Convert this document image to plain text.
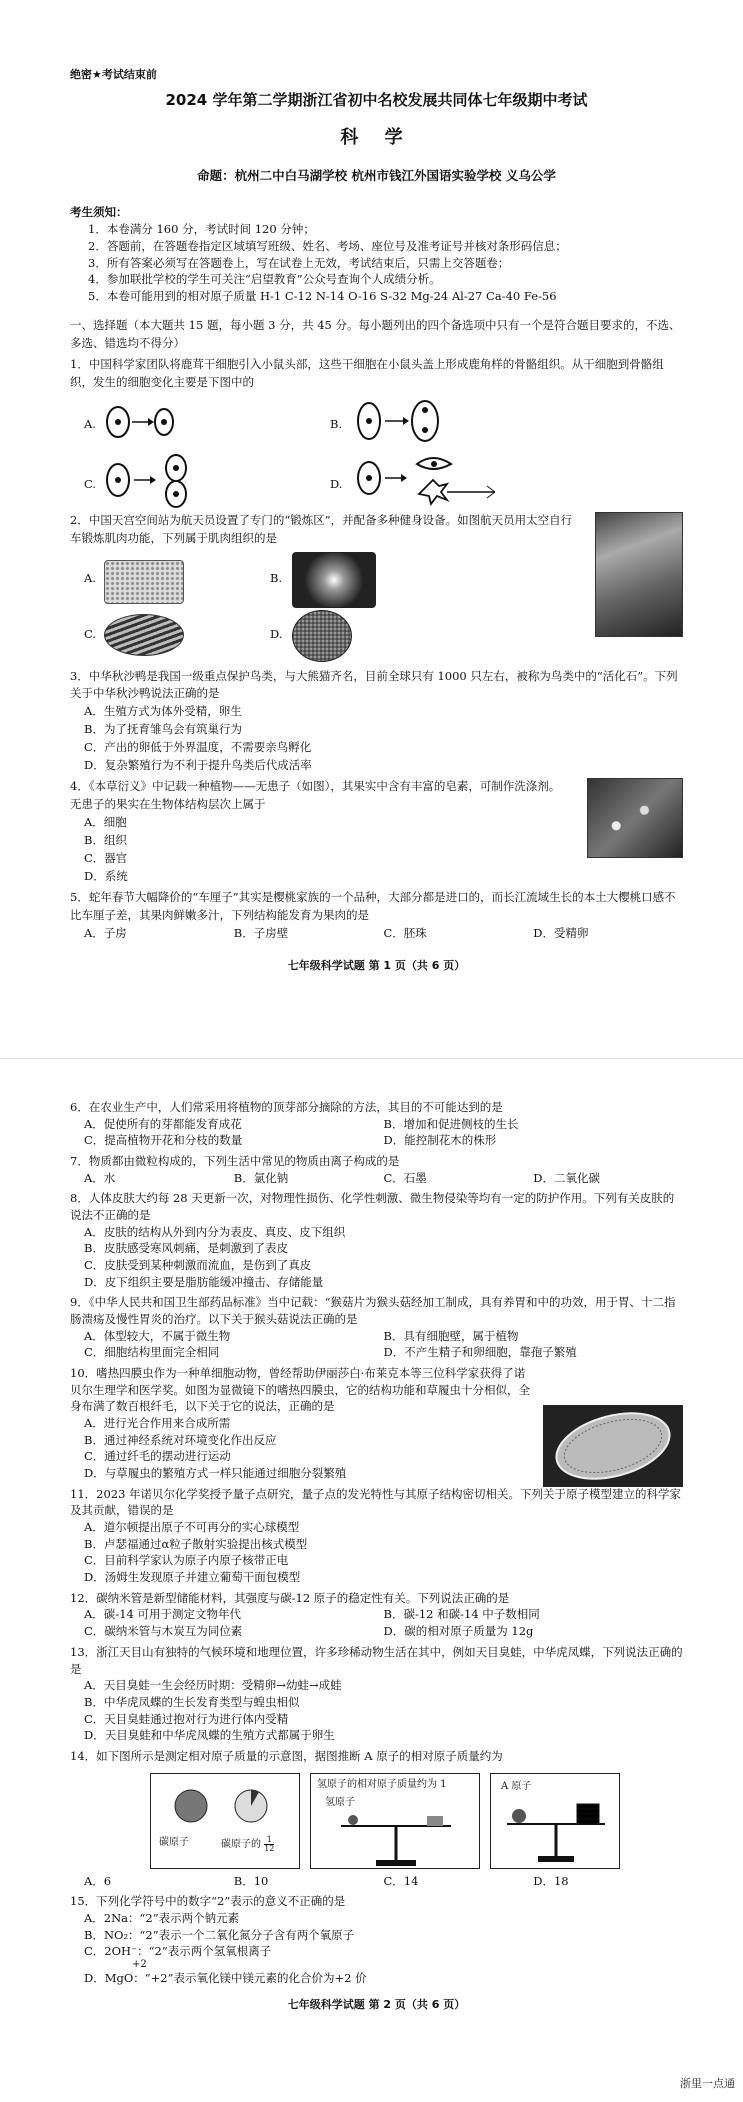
绝密★考试结束前
2024 学年第二学期浙江省初中名校发展共同体七年级期中考试
科 学
命题：杭州二中白马湖学校 杭州市钱江外国语实验学校 义乌公学
考生须知：
1．本卷满分 160 分，考试时间 120 分钟；
2．答题前，在答题卷指定区域填写班级、姓名、考场、座位号及准考证号并核对条形码信息；
3．所有答案必须写在答题卷上，写在试卷上无效，考试结束后，只需上交答题卷；
4．参加联批学校的学生可关注“启望教育”公众号查询个人成绩分析。
5．本卷可能用到的相对原子质量 H-1 C-12 N-14 O-16 S-32 Mg-24 Al-27 Ca-40 Fe-56
一、选择题（本大题共 15 题，每小题 3 分，共 45 分。每小题列出的四个备选项中只有一个是符合题目要求的，不选、多选、错选均不得分）
1．中国科学家团队将鹿茸干细胞引入小鼠头部，这些干细胞在小鼠头盖上形成鹿角样的骨骼组织。从干细胞到骨骼组织，发生的细胞变化主要是下图中的
A.	B.
C.	D.
2．中国天宫空间站为航天员设置了专门的“锻炼区”，并配备多种健身设备。如图航天员用太空自行车锻炼肌肉功能，下列属于肌肉组织的是
A.	B.
C.	D.
3．中华秋沙鸭是我国一级重点保护鸟类，与大熊猫齐名，目前全球只有 1000 只左右，被称为鸟类中的“活化石”。下列关于中华秋沙鸭说法正确的是
A．生殖方式为体外受精，卵生
B．为了抚育雏鸟会有筑巢行为
C．产出的卵低于外界温度，不需要亲鸟孵化
D．复杂繁殖行为不利于提升鸟类后代成活率
4．《本草衍义》中记载一种植物——无患子（如图），其果实中含有丰富的皂素，可制作洗涤剂。无患子的果实在生物体结构层次上属于
A．细胞
B．组织
C．器官
D．系统
5．蛇年春节大幅降价的“车厘子”其实是樱桃家族的一个品种，大部分都是进口的，而长江流域生长的本土大樱桃口感不比车厘子差，其果肉鲜嫩多汁，下列结构能发育为果肉的是
A．子房	B．子房壁	C．胚珠	D．受精卵
七年级科学试题 第 1 页（共 6 页）
6．在农业生产中，人们常采用将植物的顶芽部分摘除的方法，其目的不可能达到的是
A．促使所有的芽都能发育成花	B．增加和促进侧枝的生长
C．提高植物开花和分枝的数量	D．能控制花木的株形
7．物质都由微粒构成的，下列生活中常见的物质由离子构成的是
A．水	B．氯化钠	C．石墨	D．二氧化碳
8．人体皮肤大约每 28 天更新一次，对物理性损伤、化学性刺激、微生物侵染等均有一定的防护作用。下列有关皮肤的说法不正确的是
A．皮肤的结构从外到内分为表皮、真皮、皮下组织
B．皮肤感受寒风刺痛，是刺激到了表皮
C．皮肤受到某种刺激而流血，是伤到了真皮
D．皮下组织主要是脂肪能缓冲撞击、存储能量
9．《中华人民共和国卫生部药品标准》当中记载：“猴菇片为猴头菇经加工制成，具有养胃和中的功效，用于胃、十二指肠溃疡及慢性胃炎的治疗。以下关于猴头菇说法正确的是
A．体型较大，不属于微生物	B．具有细胞壁，属于植物
C．细胞结构里面完全相同	D．不产生精子和卵细胞，靠孢子繁殖
10．嗜热四膜虫作为一种单细胞动物，曾经帮助伊丽莎白·布莱克本等三位科学家获得了诺贝尔生理学和医学奖。如图为显微镜下的嗜热四膜虫，它的结构功能和草履虫十分相似，全身布满了数百根纤毛，以下关于它的说法，正确的是
A．进行光合作用来合成所需
B．通过神经系统对环境变化作出反应
C．通过纤毛的摆动进行运动
D．与草履虫的繁殖方式一样只能通过细胞分裂繁殖
11．2023 年诺贝尔化学奖授予量子点研究，量子点的发光特性与其原子结构密切相关。下列关于原子模型建立的科学家及其贡献，错误的是
A．道尔顿提出原子不可再分的实心球模型
B．卢瑟福通过α粒子散射实验提出核式模型
C．目前科学家认为原子内原子核带正电
D．汤姆生发现原子并建立葡萄干面包模型
12．碳纳米管是新型储能材料，其强度与碳-12 原子的稳定性有关。下列说法正确的是
A．碳-14 可用于测定文物年代	B．碳-12 和碳-14 中子数相同
C．碳纳米管与木炭互为同位素	D．碳的相对原子质量为 12g
13．浙江天目山有独特的气候环境和地理位置，许多珍稀动物生活在其中，例如天目臭蛙，中华虎凤蝶，下列说法正确的是
A．天目臭蛙一生会经历时期：受精卵→幼蛙→成蛙
B．中华虎凤蝶的生长发育类型与蝗虫相似
C．天目臭蛙通过抱对行为进行体内受精
D．天目臭蛙和中华虎凤蝶的生殖方式都属于卵生
14．如下图所示是测定相对原子质量的示意图，据图推断 A 原子的相对原子质量约为
碳原子	碳原子的 $\frac{1}{12}$
氢原子的相对原子质量约为 1
氢原子
A 原子
A．6	B．10	C．14	D．18
15．下列化学符号中的数字“2”表示的意义不正确的是
A．2Na：“2”表示两个钠元素
B．NO₂：“2”表示一个二氧化氮分子含有两个氧原子
C．2OH⁻：“2”表示两个氢氧根离子
+2
D．MgO：“+2”表示氧化镁中镁元素的化合价为+2 价
七年级科学试题 第 2 页（共 6 页）
浙里一点通
